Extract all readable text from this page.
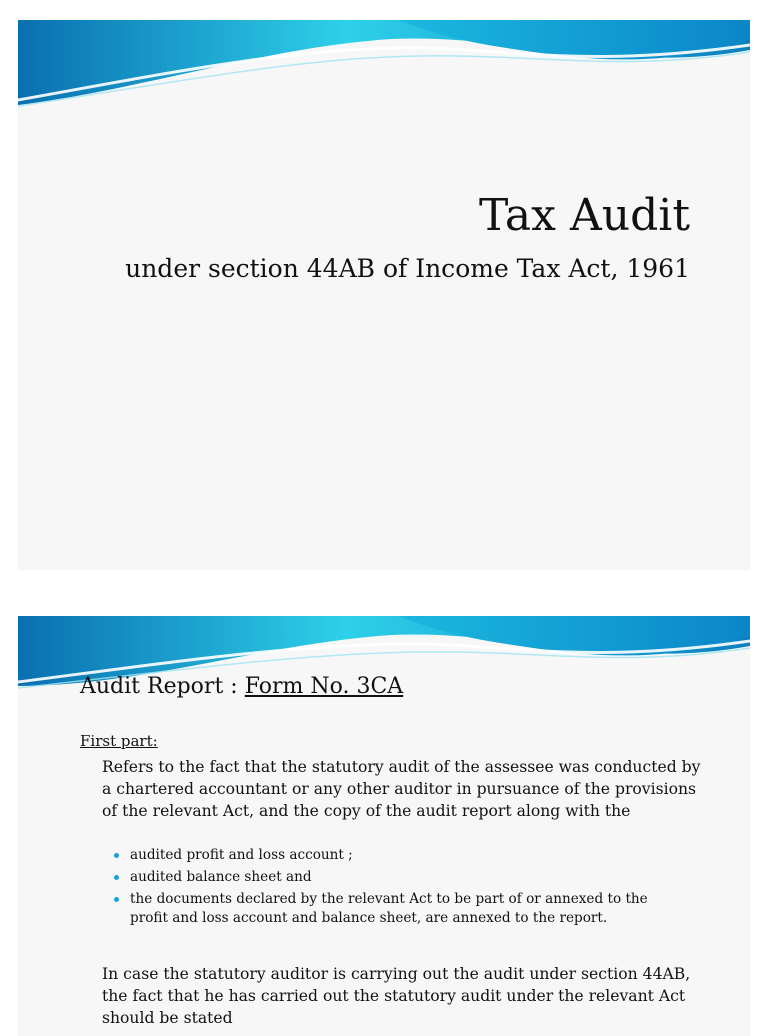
Tax Audit
under section 44AB of Income Tax Act, 1961
Audit Report : Form No. 3CA
First part:
Refers to the fact that the statutory audit of the assessee was conducted by a chartered accountant or any other auditor in pursuance of the provisions of the relevant Act, and the copy of the audit report along with the
audited profit and loss account ;
audited balance sheet and
the documents declared by the relevant Act to be part of or annexed to the profit and loss account and balance sheet, are annexed to the report.
In case the statutory auditor is carrying out the audit under section 44AB, the fact that he has carried out the statutory audit under the relevant Act should be stated
